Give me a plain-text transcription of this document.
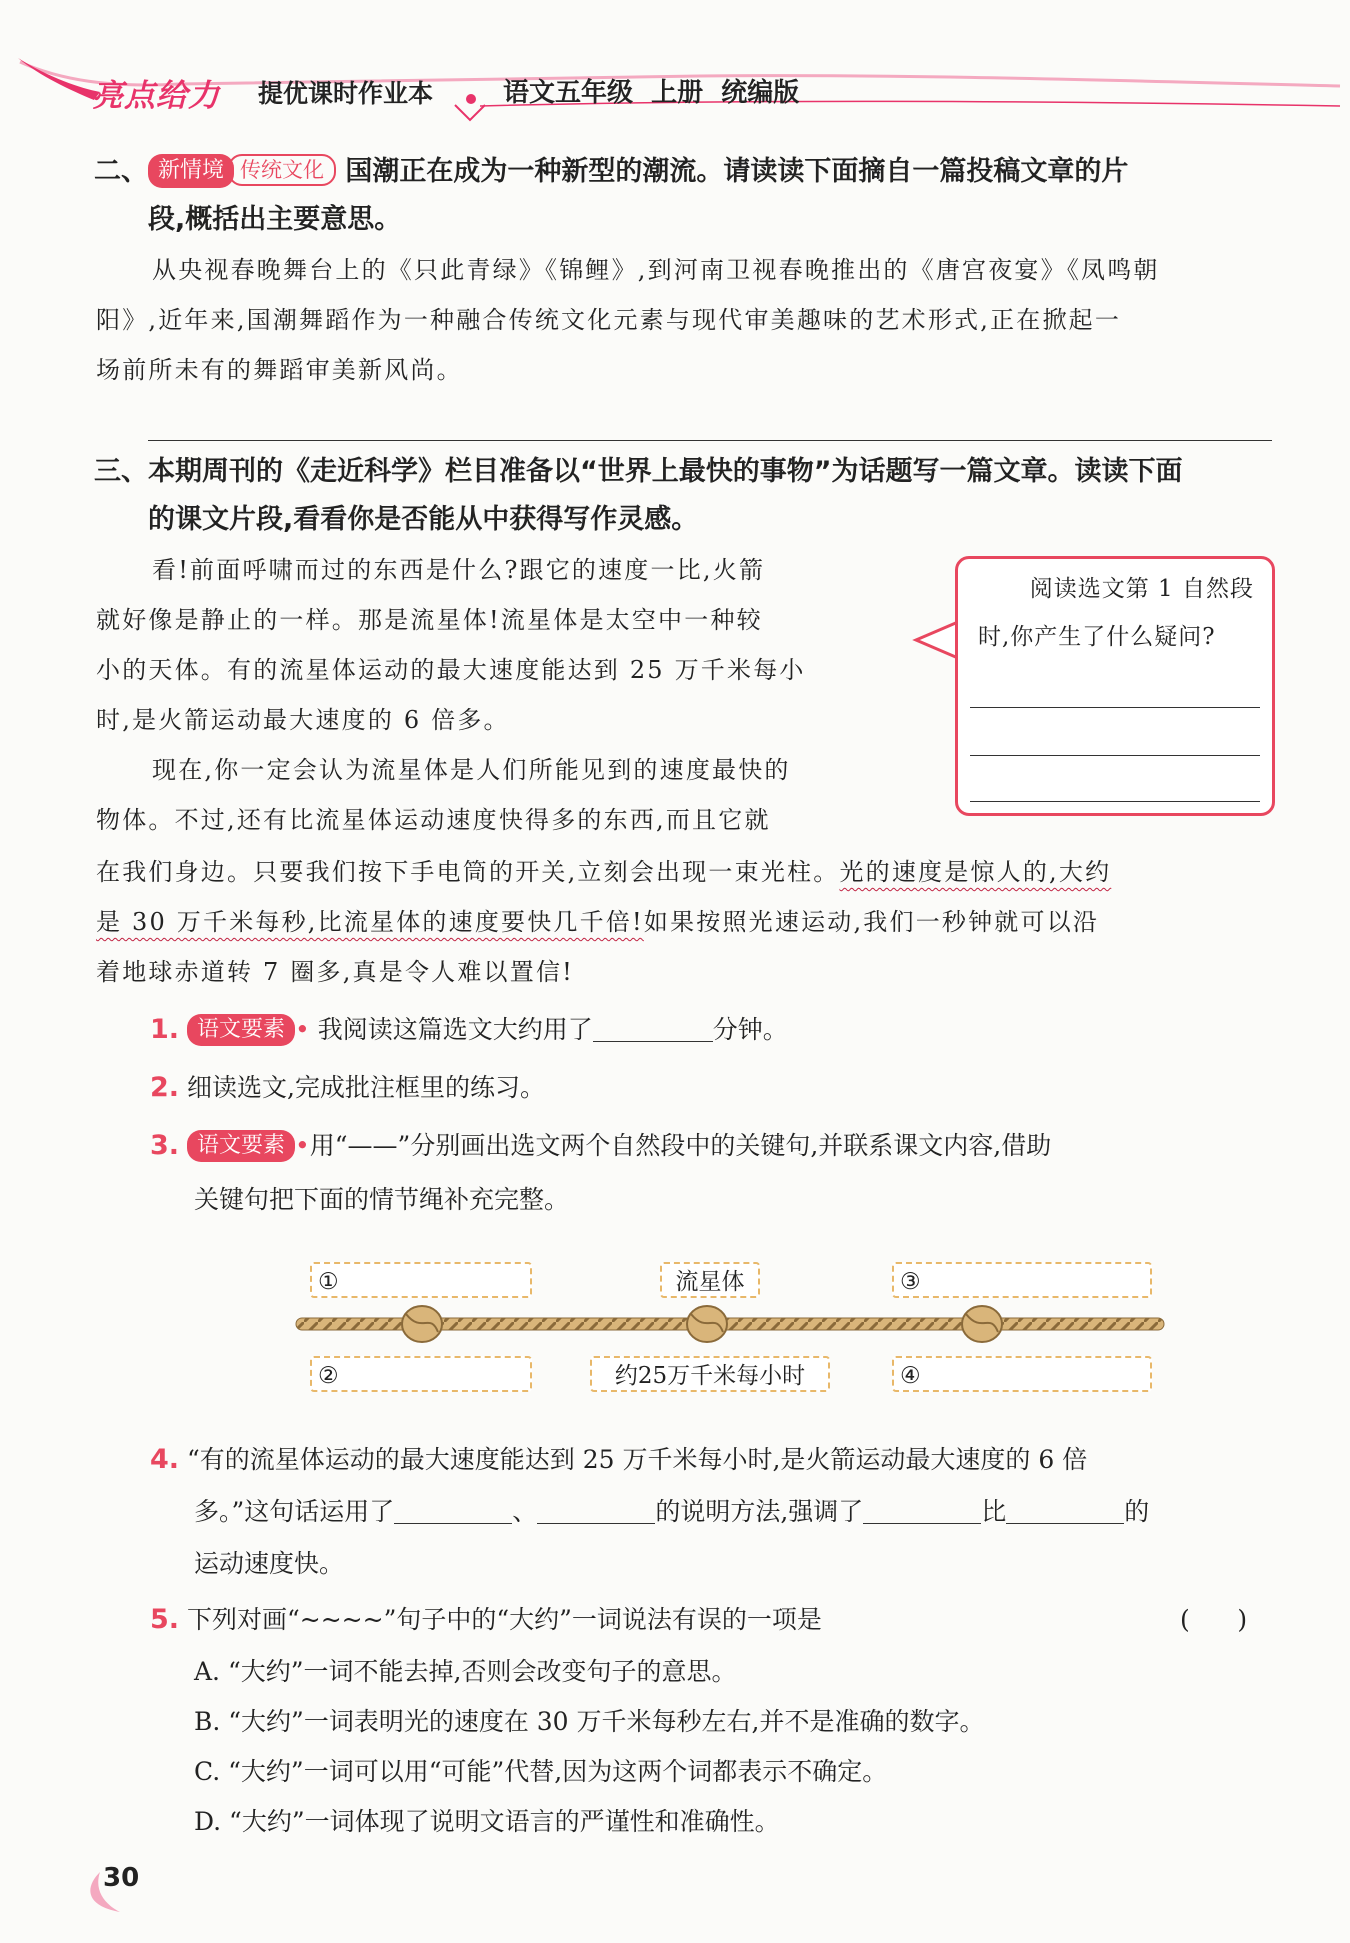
亮点给力 提优课时作业本	语文五年级  上册  统编版
二、 新情境 传统文化 国潮正在成为一种新型的潮流。请读读下面摘自一篇投稿文章的片
段,概括出主要意思。
从央视春晚舞台上的《只此青绿》《锦鲤》,到河南卫视春晚推出的《唐宫夜宴》《凤鸣朝
阳》,近年来,国潮舞蹈作为一种融合传统文化元素与现代审美趣味的艺术形式,正在掀起一
场前所未有的舞蹈审美新风尚。
三、本期周刊的《走近科学》栏目准备以“世界上最快的事物”为话题写一篇文章。读读下面
的课文片段,看看你是否能从中获得写作灵感。
看!前面呼啸而过的东西是什么?跟它的速度一比,火箭
就好像是静止的一样。那是流星体!流星体是太空中一种较
小的天体。有的流星体运动的最大速度能达到 25 万千米每小
时,是火箭运动最大速度的 6 倍多。
现在,你一定会认为流星体是人们所能见到的速度最快的
物体。不过,还有比流星体运动速度快得多的东西,而且它就
在我们身边。只要我们按下手电筒的开关,立刻会出现一束光柱。光的速度是惊人的,大约
是 30 万千米每秒,比流星体的速度要快几千倍!如果按照光速运动,我们一秒钟就可以沿
着地球赤道转 7 圈多,真是令人难以置信!
阅读选文第 1 自然段
时,你产生了什么疑问?
1. 语文要素 • 我阅读这篇选文大约用了	分钟。
2. 细读选文,完成批注框里的练习。
3. 语文要素 •用“——”分别画出选文两个自然段中的关键句,并联系课文内容,借助
关键句把下面的情节绳补充完整。
①	流星体	③
②	约25万千米每小时	④
4. “有的流星体运动的最大速度能达到 25 万千米每小时,是火箭运动最大速度的 6 倍
多。”这句话运用了	、	的说明方法,强调了	比	的
运动速度快。
5. 下列对画“~~~~”句子中的“大约”一词说法有误的一项是	(      )
A. “大约”一词不能去掉,否则会改变句子的意思。
B. “大约”一词表明光的速度在 30 万千米每秒左右,并不是准确的数字。
C. “大约”一词可以用“可能”代替,因为这两个词都表示不确定。
D. “大约”一词体现了说明文语言的严谨性和准确性。
30
